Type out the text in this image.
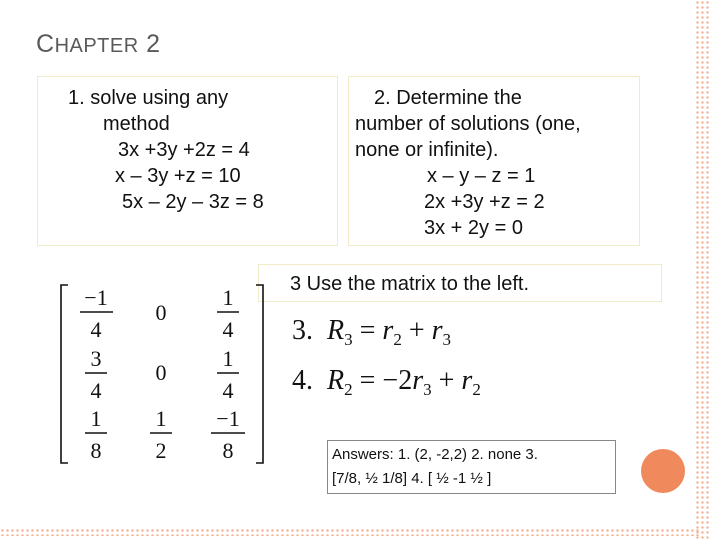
CHAPTER 2
1. solve using any
method
3x +3y +2z = 4
x – 3y +z = 10
5x – 2y – 3z = 8
2. Determine the
number of solutions (one,
none or infinite).
x – y – z = 1
2x +3y +z = 2
3x + 2y = 0
3 Use the matrix to the left.
3. $R_3 = r_2 + r_3$
4. $R_2 = -2r_3 + r_2$
−1
4
0
1
4
3
4
0
1
4
1
8
1
2
−1
8	Answers: 1. (2, -2,2) 2. none 3.
[7/8, ½ 1/8] 4. [ ½ -1 ½ ]
